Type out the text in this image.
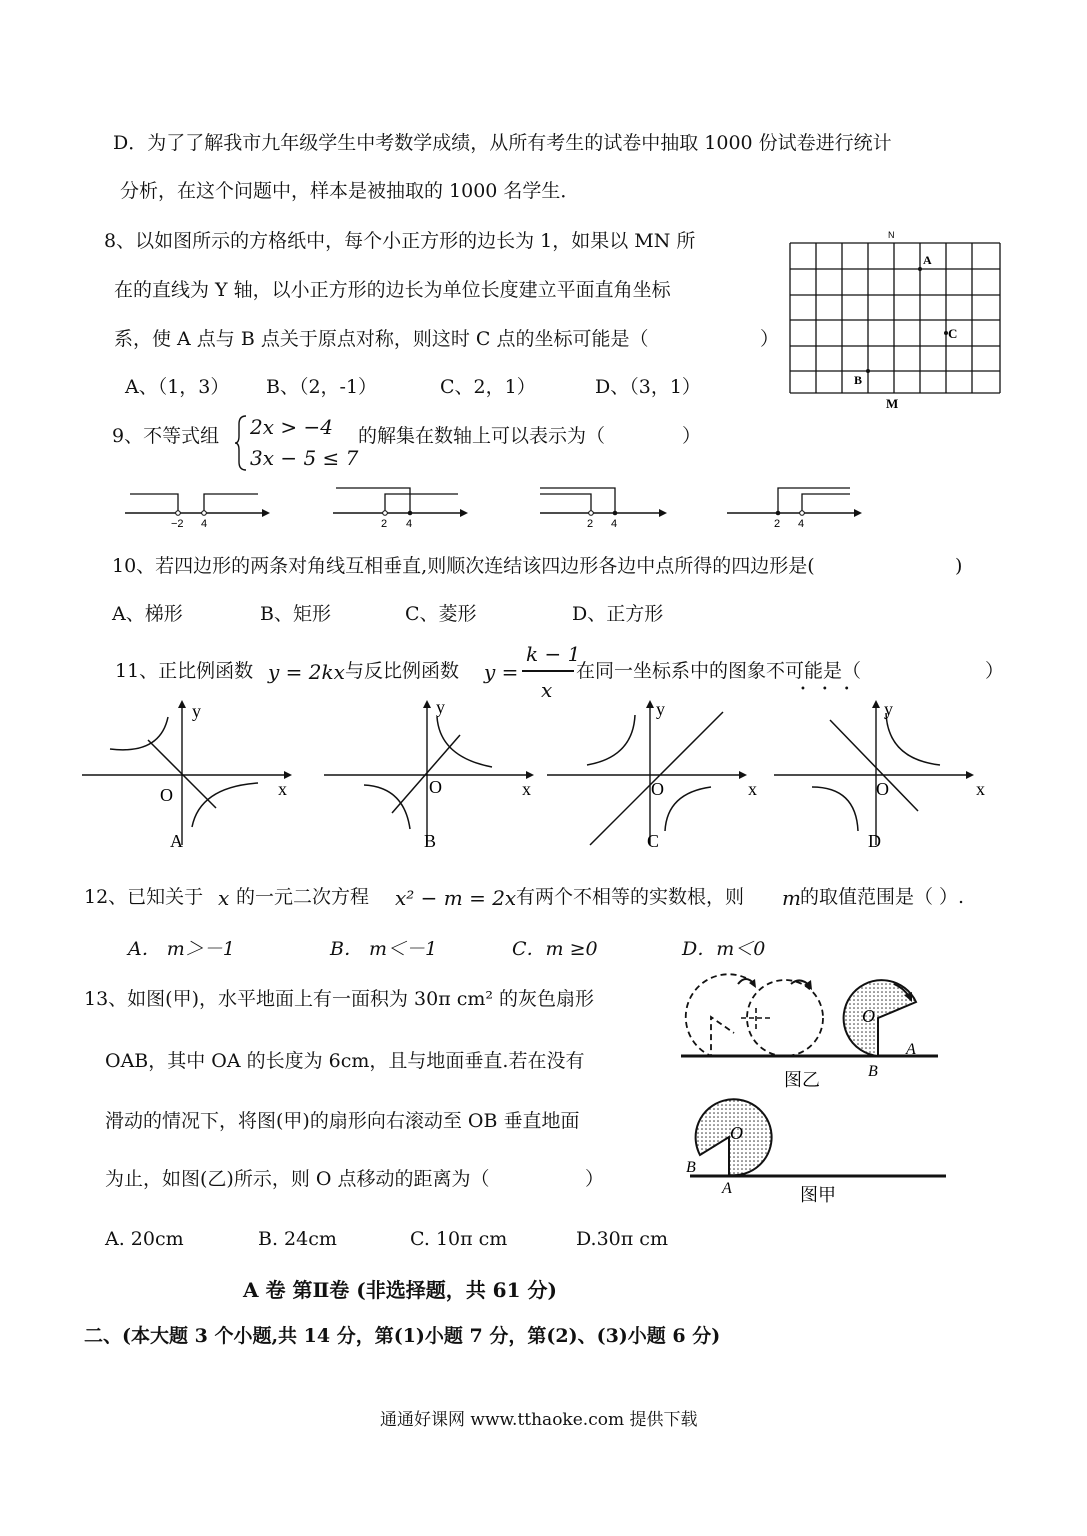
D．为了了解我市九年级学生中考数学成绩，从所有考生的试卷中抽取 1000 份试卷进行统计
分析，在这个问题中，样本是被抽取的 1000 名学生．
8、以如图所示的方格纸中，每个小正方形的边长为 1，如果以 MN 所
在的直线为 Y 轴，以小正方形的边长为单位长度建立平面直角坐标
系，使 A 点与 B 点关于原点对称，则这时 C 点的坐标可能是（	）
A、（1，3） B、（2，-1）	C、2，1）	D、（3，1）
N
A
B
C
M
9、不等式组 2x > −4
3x − 5 ≤ 7
的解集在数轴上可以表示为（	）
−2 4	2 4	2 4	2 4
10、若四边形的两条对角线互相垂直,则顺次连结该四边形各边中点所得的四边形是(	)
A、梯形	B、矩形	C、菱形	D、正方形
11、正比例函数 y = 2kx 与反比例函数 y =
k − 1
x
在同一坐标系中的图象不可能是（	）
•••
y
x
O
A
y
x
O
B
y
x
O
C
y
x
O
D
12、已知关于 x 的一元二次方程 x² − m = 2x 有两个不相等的实数根，则 m 的取值范围是（ ）.
A． m＞－1	B． m＜－1	C．m ≥0	D．m＜0
13、如图(甲)，水平地面上有一面积为 30π cm² 的灰色扇形
OAB，其中 OA 的长度为 6cm，且与地面垂直.若在没有
滑动的情况下，将图(甲)的扇形向右滚动至 OB 垂直地面
为止，如图(乙)所示，则 O 点移动的距离为（	）
A. 20cm	B. 24cm	C. 10π cm	D.30π cm
O
A
B
图乙
O
B
A	图甲
A 卷 第Ⅱ卷 (非选择题，共 61 分)
二、(本大题 3 个小题,共 14 分，第(1)小题 7 分，第(2)、(3)小题 6 分)
通通好课网 www.tthaoke.com 提供下载
